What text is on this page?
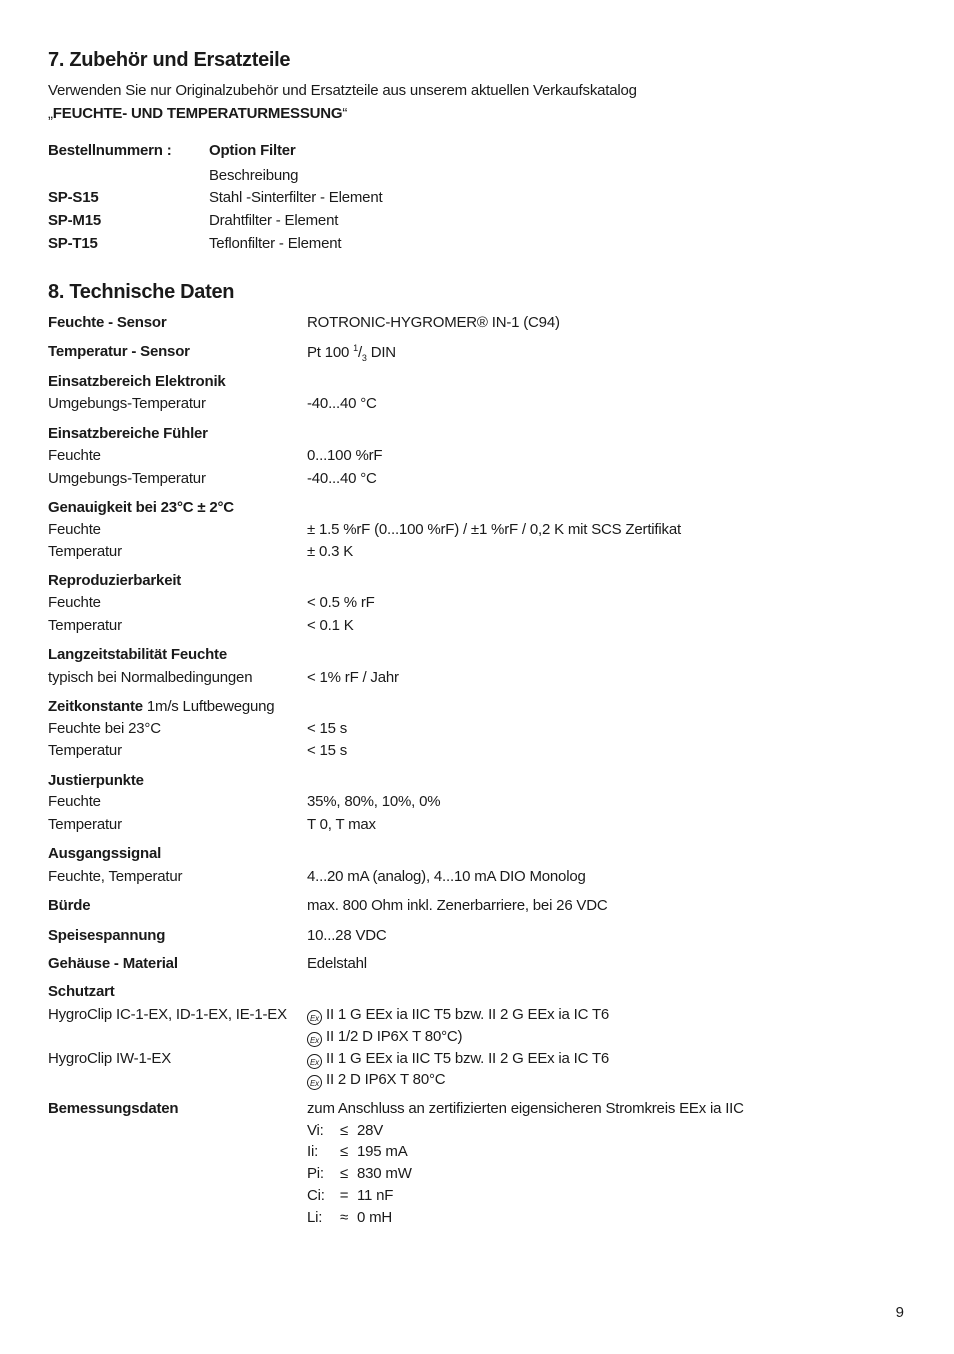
7. Zubehör und Ersatzteile
Verwenden Sie nur Originalzubehör und Ersatzteile aus unserem aktuellen Verkaufskatalog
„FEUCHTE- UND TEMPERATURMESSUNG“
Bestellnummern :	Option Filter
Beschreibung
SP-S15	Stahl -Sinterfilter - Element
SP-M15	Drahtfilter - Element
SP-T15	Teflonfilter - Element
8. Technische Daten
Feuchte - Sensor	ROTRONIC-HYGROMER® IN-1 (C94)
Temperatur - Sensor	Pt 100 $^1/_3$ DIN
Einsatzbereich Elektronik
Umgebungs-Temperatur	-40...40 °C
Einsatzbereiche Fühler
Feuchte	0...100 %rF
Umgebungs-Temperatur	-40...40 °C
Genauigkeit bei 23°C ± 2°C
Feuchte	± 1.5 %rF (0...100 %rF) / ±1 %rF / 0,2 K mit SCS Zertifikat
Temperatur	± 0.3 K
Reproduzierbarkeit
Feuchte	< 0.5 % rF
Temperatur	< 0.1 K
Langzeitstabilität Feuchte
typisch bei Normalbedingungen	< 1% rF / Jahr
Zeitkonstante 1m/s Luftbewegung
Feuchte bei 23°C	< 15 s
Temperatur	< 15 s
Justierpunkte
Feuchte	35%, 80%, 10%, 0%
Temperatur	T 0, T max
Ausgangssignal
Feuchte, Temperatur	4...20 mA (analog), 4...10 mA DIO Monolog
Bürde	max. 800 Ohm inkl. Zenerbarriere, bei 26 VDC
Speisespannung	10...28 VDC
Gehäuse - Material	Edelstahl
Schutzart
HygroClip IC-1-EX, ID-1-EX, IE-1-EX	Ex II 1 G EEx ia IIC T5 bzw. II 2 G EEx ia IC T6
Ex II 1/2 D IP6X T 80°C)
HygroClip IW-1-EX	Ex II 1 G EEx ia IIC T5 bzw. II 2 G EEx ia IC T6
Ex II 2 D IP6X T 80°C
Bemessungsdaten	zum Anschluss an zertifizierten eigensicheren Stromkreis EEx ia IIC
Vi: ≤ 28V
Ii: ≤ 195 mA
Pi: ≤ 830 mW
Ci: = 11 nF
Li: ≈ 0 mH
9
